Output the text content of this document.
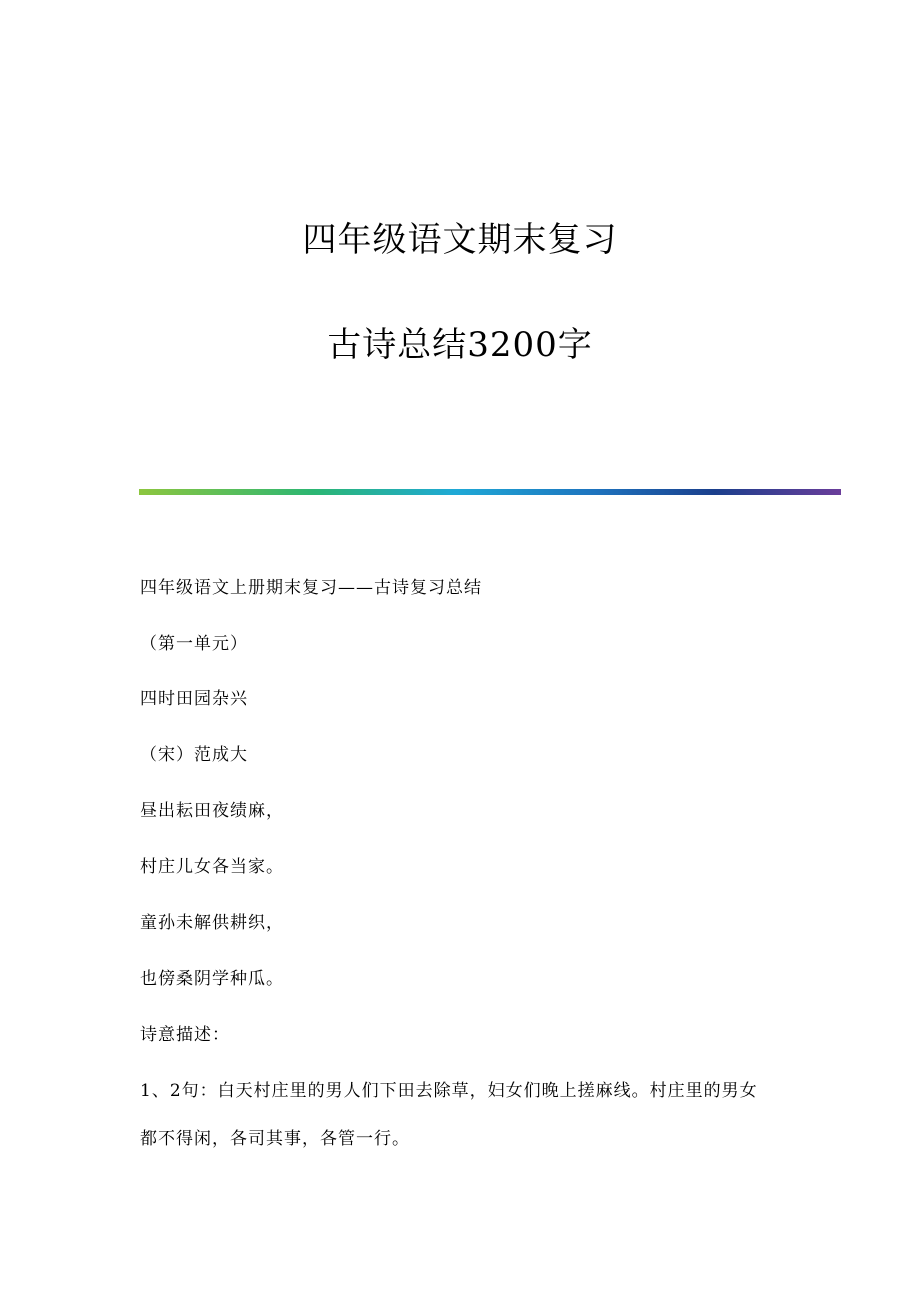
四年级语文期末复习
古诗总结3200字
四年级语文上册期末复习——古诗复习总结
（第一单元）
四时田园杂兴
（宋）范成大
昼出耘田夜绩麻，
村庄儿女各当家。
童孙未解供耕织，
也傍桑阴学种瓜。
诗意描述：
1、2句：白天村庄里的男人们下田去除草，妇女们晚上搓麻线。村庄里的男女
都不得闲，各司其事，各管一行。
